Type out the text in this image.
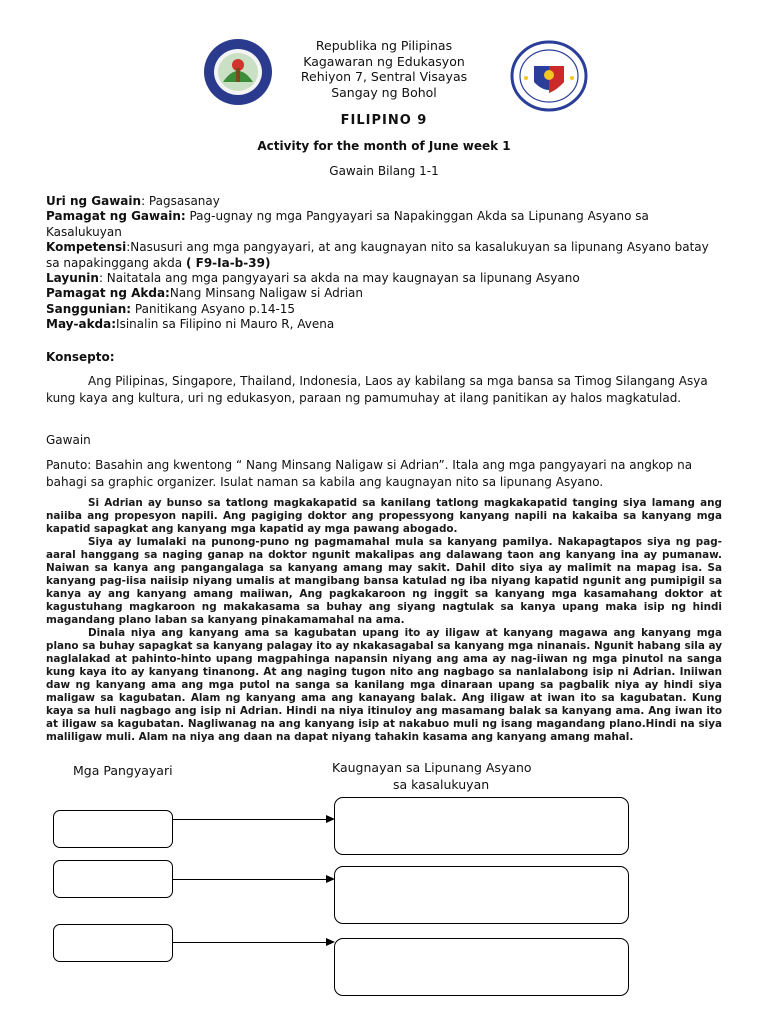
Republika ng Pilipinas
Kagawaran ng Edukasyon
Rehiyon 7, Sentral Visayas
Sangay ng Bohol
FILIPINO 9
Activity for the month of June week 1
Gawain Bilang 1-1
Uri ng Gawain: Pagsasanay
Pamagat ng Gawain: Pag-ugnay ng mga Pangyayari sa Napakinggan Akda sa Lipunang Asyano sa Kasalukuyan
Kompetensi:Nasusuri ang mga pangyayari, at ang kaugnayan nito sa kasalukuyan sa lipunang Asyano batay sa napakinggang akda ( F9-Ia-b-39)
Layunin: Naitatala ang mga pangyayari sa akda na may kaugnayan sa lipunang Asyano
Pamagat ng Akda:Nang Minsang Naligaw si Adrian
Sanggunian: Panitikang Asyano p.14-15
May-akda:Isinalin sa Filipino ni Mauro R, Avena
Konsepto:
Ang Pilipinas, Singapore, Thailand, Indonesia, Laos ay kabilang sa mga bansa sa Timog Silangang Asya kung kaya ang kultura, uri ng edukasyon, paraan ng pamumuhay at ilang panitikan ay halos magkatulad.
Gawain
Panuto: Basahin ang kwentong “ Nang Minsang Naligaw si Adrian”. Itala ang mga pangyayari na angkop na bahagi sa graphic organizer. Isulat naman sa kabila ang kaugnayan nito sa lipunang Asyano.

Si Adrian ay bunso sa tatlong magkakapatid sa kanilang tatlong magkakapatid tanging siya lamang ang naiiba ang propesyon napili. Ang pagiging doktor ang propessyong kanyang napili na kakaiba sa kanyang mga kapatid sapagkat ang kanyang mga kapatid ay mga pawang abogado.

Siya ay lumalaki na punong-puno ng pagmamahal mula sa kanyang pamilya. Nakapagtapos siya ng pag-aaral hanggang sa naging ganap na doktor ngunit makalipas ang dalawang taon ang kanyang ina ay pumanaw. Naiwan sa kanya ang pangangalaga sa kanyang amang may sakit. Dahil dito siya ay malimit na mapag isa. Sa kanyang pag-iisa naiisip niyang umalis at mangibang bansa katulad ng iba niyang kapatid ngunit ang pumipigil sa kanya ay ang kanyang amang maiiwan, Ang pagkakaroon ng inggit sa kanyang mga kasamahang doktor at kagustuhang magkaroon ng makakasama sa buhay ang siyang nagtulak sa kanya upang maka isip ng hindi magandang plano laban sa kanyang pinakamamahal na ama.

Dinala niya ang kanyang ama sa kagubatan upang ito ay iligaw at kanyang magawa ang kanyang mga plano sa buhay sapagkat sa kanyang palagay ito ay nkakasagabal sa kanyang mga ninanais. Ngunit habang sila ay naglalakad at pahinto-hinto upang magpahinga napansin niyang ang ama ay nag-iiwan ng mga pinutol na sanga kung kaya ito ay kanyang tinanong. At ang naging tugon nito ang nagbago sa nanlalabong isip ni Adrian. Iniiwan daw ng kanyang ama ang mga putol na sanga sa kanilang mga dinaraan upang sa pagbalik niya ay hindi siya maligaw sa kagubatan. Alam ng kanyang ama ang kanayang balak. Ang iligaw at iwan ito sa kagubatan. Kung kaya sa huli nagbago ang isip ni Adrian. Hindi na niya itinuloy ang masamang balak sa kanyang ama. Ang iwan ito at iligaw sa kagubatan. Nagliwanag na ang kanyang isip at nakabuo muli ng isang magandang plano.Hindi na siya maliligaw muli. Alam na niya ang daan na dapat niyang tahakin kasama ang kanyang amang mahal.

Mga Pangyayari	Kaugnayan sa Lipunang Asyano
sa kasalukuyan
